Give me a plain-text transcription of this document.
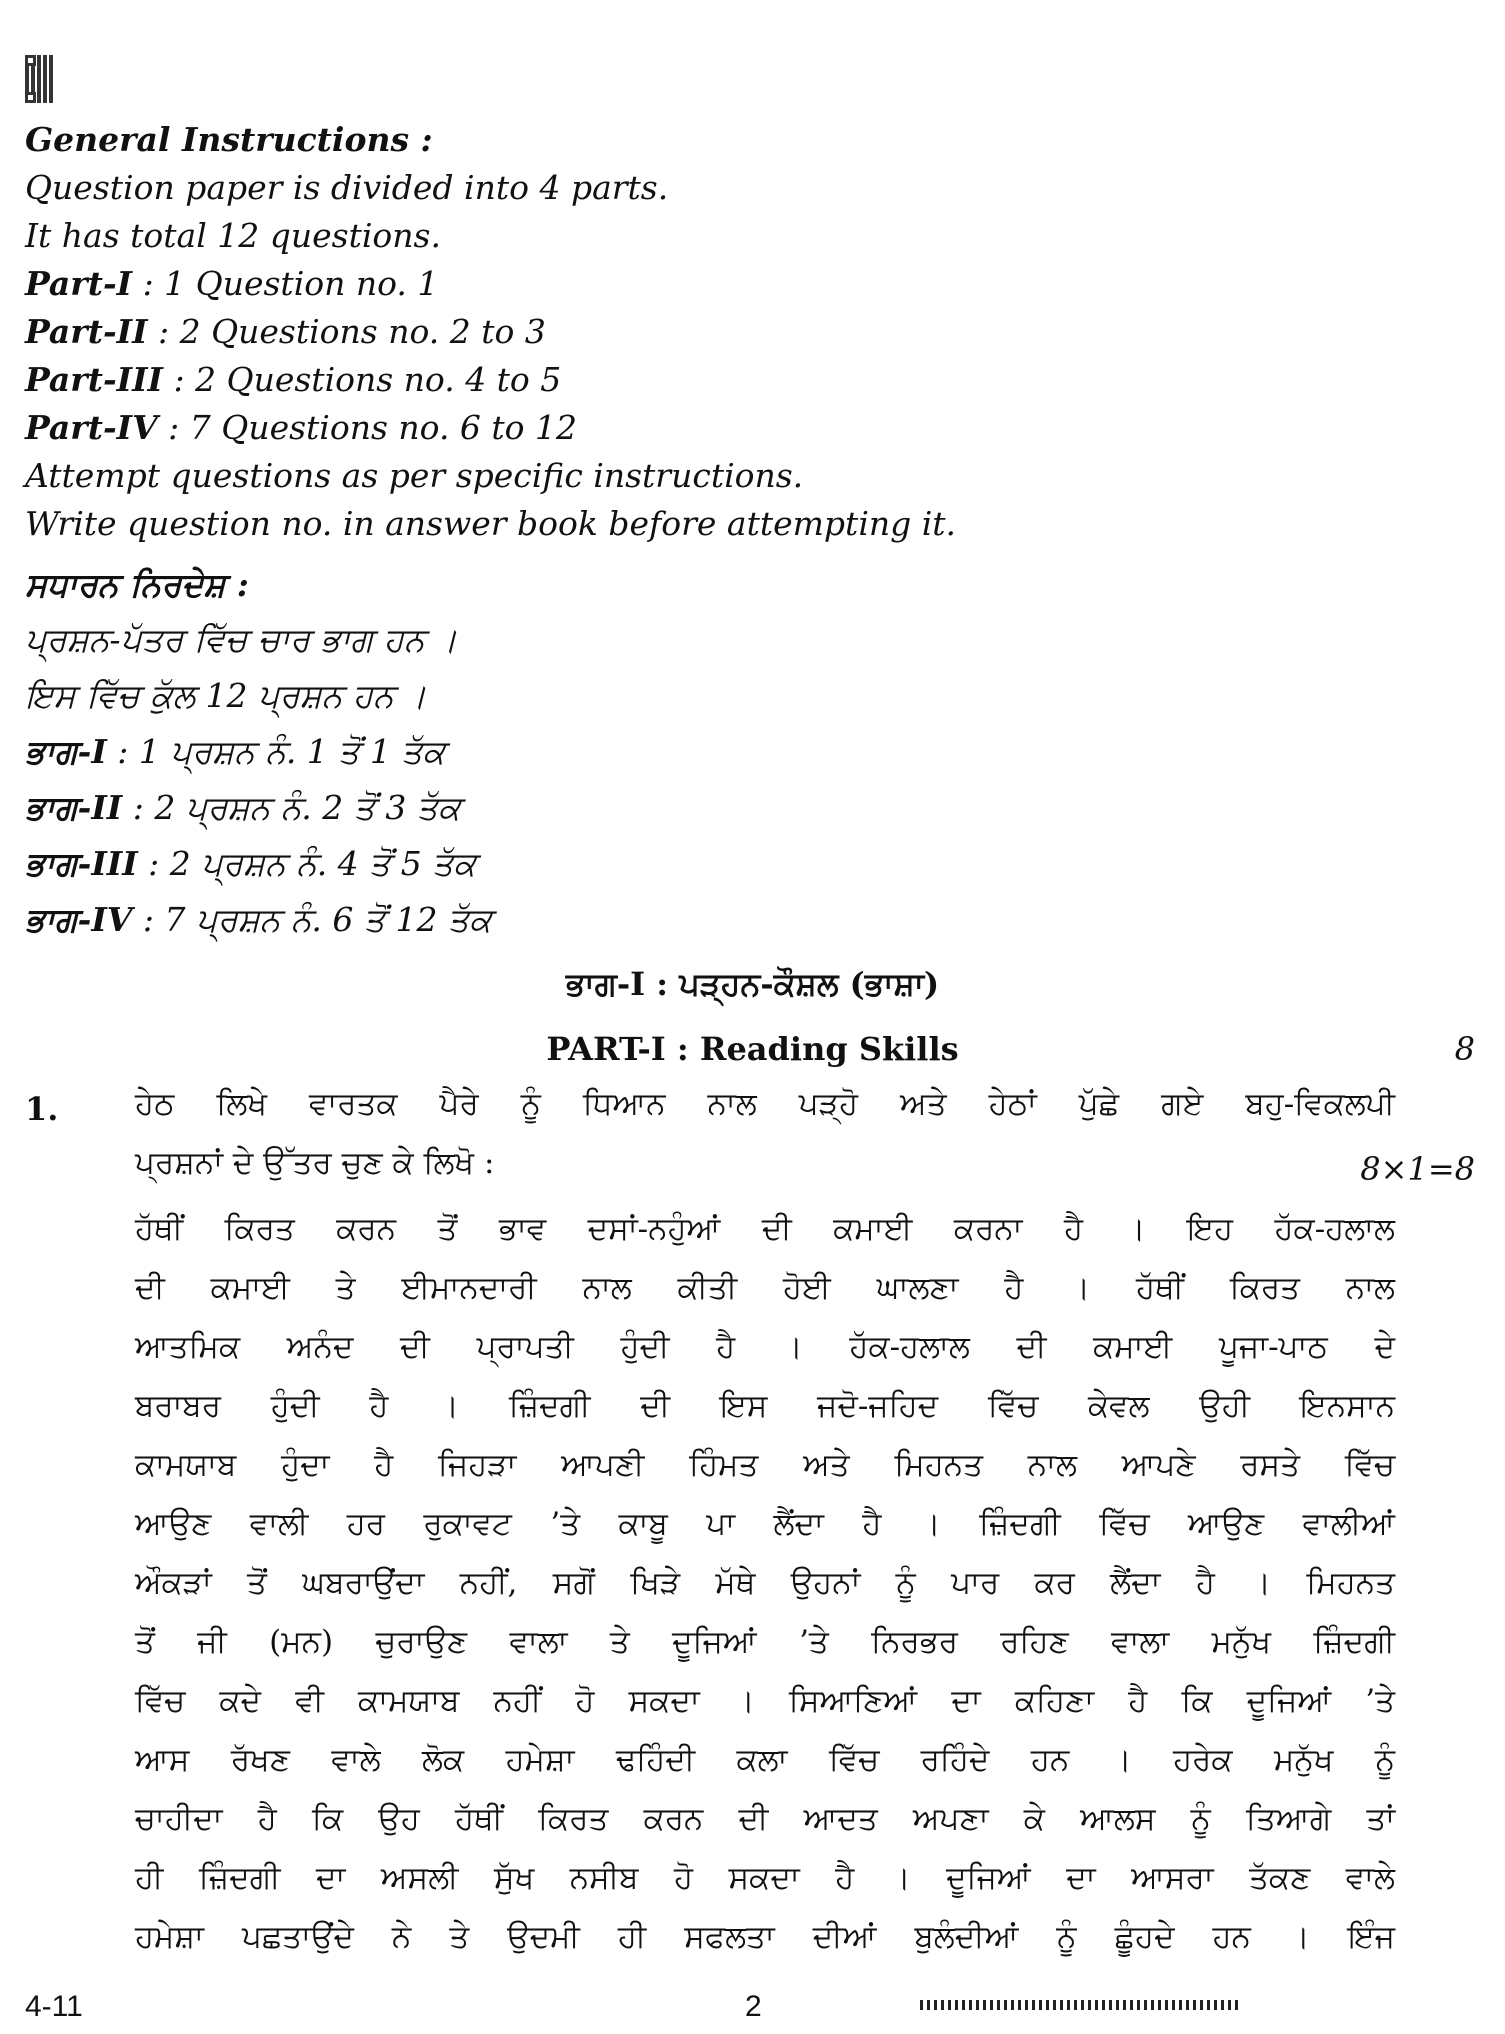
General Instructions :
Question paper is divided into 4 parts.
It has total 12 questions.
Part-I : 1 Question no. 1
Part-II : 2 Questions no. 2 to 3
Part-III : 2 Questions no. 4 to 5
Part-IV : 7 Questions no. 6 to 12
Attempt questions as per specific instructions.
Write question no. in answer book before attempting it.
ਸਧਾਰਨ ਨਿਰਦੇਸ਼ :
ਪ੍ਰਸ਼ਨ-ਪੱਤਰ ਵਿੱਚ ਚਾਰ ਭਾਗ ਹਨ ।
ਇਸ ਵਿੱਚ ਕੁੱਲ 12 ਪ੍ਰਸ਼ਨ ਹਨ ।
ਭਾਗ-I : 1 ਪ੍ਰਸ਼ਨ ਨੰ. 1 ਤੋਂ 1 ਤੱਕ
ਭਾਗ-II : 2 ਪ੍ਰਸ਼ਨ ਨੰ. 2 ਤੋਂ 3 ਤੱਕ
ਭਾਗ-III : 2 ਪ੍ਰਸ਼ਨ ਨੰ. 4 ਤੋਂ 5 ਤੱਕ
ਭਾਗ-IV : 7 ਪ੍ਰਸ਼ਨ ਨੰ. 6 ਤੋਂ 12 ਤੱਕ
ਭਾਗ-I : ਪੜ੍ਹਨ-ਕੌਸ਼ਲ (ਭਾਸ਼ਾ)
PART-I : Reading Skills	8
1. ਹੇਠ ਲਿਖੇ ਵਾਰਤਕ ਪੈਰੇ ਨੂੰ ਧਿਆਨ ਨਾਲ ਪੜ੍ਹੋ ਅਤੇ ਹੇਠਾਂ ਪੁੱਛੇ ਗਏ ਬਹੁ-ਵਿਕਲਪੀ
ਪ੍ਰਸ਼ਨਾਂ ਦੇ ਉੱਤਰ ਚੁਣ ਕੇ ਲਿਖੋ :	8×1=8
ਹੱਥੀਂ ਕਿਰਤ ਕਰਨ ਤੋਂ ਭਾਵ ਦਸਾਂ-ਨਹੁੰਆਂ ਦੀ ਕਮਾਈ ਕਰਨਾ ਹੈ । ਇਹ ਹੱਕ-ਹਲਾਲ
ਦੀ ਕਮਾਈ ਤੇ ਈਮਾਨਦਾਰੀ ਨਾਲ ਕੀਤੀ ਹੋਈ ਘਾਲਣਾ ਹੈ । ਹੱਥੀਂ ਕਿਰਤ ਨਾਲ
ਆਤਮਿਕ ਅਨੰਦ ਦੀ ਪ੍ਰਾਪਤੀ ਹੁੰਦੀ ਹੈ । ਹੱਕ-ਹਲਾਲ ਦੀ ਕਮਾਈ ਪੂਜਾ-ਪਾਠ ਦੇ
ਬਰਾਬਰ ਹੁੰਦੀ ਹੈ । ਜ਼ਿੰਦਗੀ ਦੀ ਇਸ ਜਦੋ-ਜਹਿਦ ਵਿੱਚ ਕੇਵਲ ਉਹੀ ਇਨਸਾਨ
ਕਾਮਯਾਬ ਹੁੰਦਾ ਹੈ ਜਿਹੜਾ ਆਪਣੀ ਹਿੰਮਤ ਅਤੇ ਮਿਹਨਤ ਨਾਲ ਆਪਣੇ ਰਸਤੇ ਵਿੱਚ
ਆਉਣ ਵਾਲੀ ਹਰ ਰੁਕਾਵਟ ’ਤੇ ਕਾਬੂ ਪਾ ਲੈਂਦਾ ਹੈ । ਜ਼ਿੰਦਗੀ ਵਿੱਚ ਆਉਣ ਵਾਲੀਆਂ
ਔਕੜਾਂ ਤੋਂ ਘਬਰਾਉਂਦਾ ਨਹੀਂ, ਸਗੋਂ ਖਿੜੇ ਮੱਥੇ ਉਹਨਾਂ ਨੂੰ ਪਾਰ ਕਰ ਲੈਂਦਾ ਹੈ । ਮਿਹਨਤ
ਤੋਂ ਜੀ (ਮਨ) ਚੁਰਾਉਣ ਵਾਲਾ ਤੇ ਦੂਜਿਆਂ ’ਤੇ ਨਿਰਭਰ ਰਹਿਣ ਵਾਲਾ ਮਨੁੱਖ ਜ਼ਿੰਦਗੀ
ਵਿੱਚ ਕਦੇ ਵੀ ਕਾਮਯਾਬ ਨਹੀਂ ਹੋ ਸਕਦਾ । ਸਿਆਣਿਆਂ ਦਾ ਕਹਿਣਾ ਹੈ ਕਿ ਦੂਜਿਆਂ ’ਤੇ
ਆਸ ਰੱਖਣ ਵਾਲੇ ਲੋਕ ਹਮੇਸ਼ਾ ਢਹਿੰਦੀ ਕਲਾ ਵਿੱਚ ਰਹਿੰਦੇ ਹਨ । ਹਰੇਕ ਮਨੁੱਖ ਨੂੰ
ਚਾਹੀਦਾ ਹੈ ਕਿ ਉਹ ਹੱਥੀਂ ਕਿਰਤ ਕਰਨ ਦੀ ਆਦਤ ਅਪਣਾ ਕੇ ਆਲਸ ਨੂੰ ਤਿਆਗੇ ਤਾਂ
ਹੀ ਜ਼ਿੰਦਗੀ ਦਾ ਅਸਲੀ ਸੁੱਖ ਨਸੀਬ ਹੋ ਸਕਦਾ ਹੈ । ਦੂਜਿਆਂ ਦਾ ਆਸਰਾ ਤੱਕਣ ਵਾਲੇ
ਹਮੇਸ਼ਾ ਪਛਤਾਉਂਦੇ ਨੇ ਤੇ ਉਦਮੀ ਹੀ ਸਫਲਤਾ ਦੀਆਂ ਬੁਲੰਦੀਆਂ ਨੂੰ ਛੂੰਹਦੇ ਹਨ । ਇੰਜ
4-11	2
